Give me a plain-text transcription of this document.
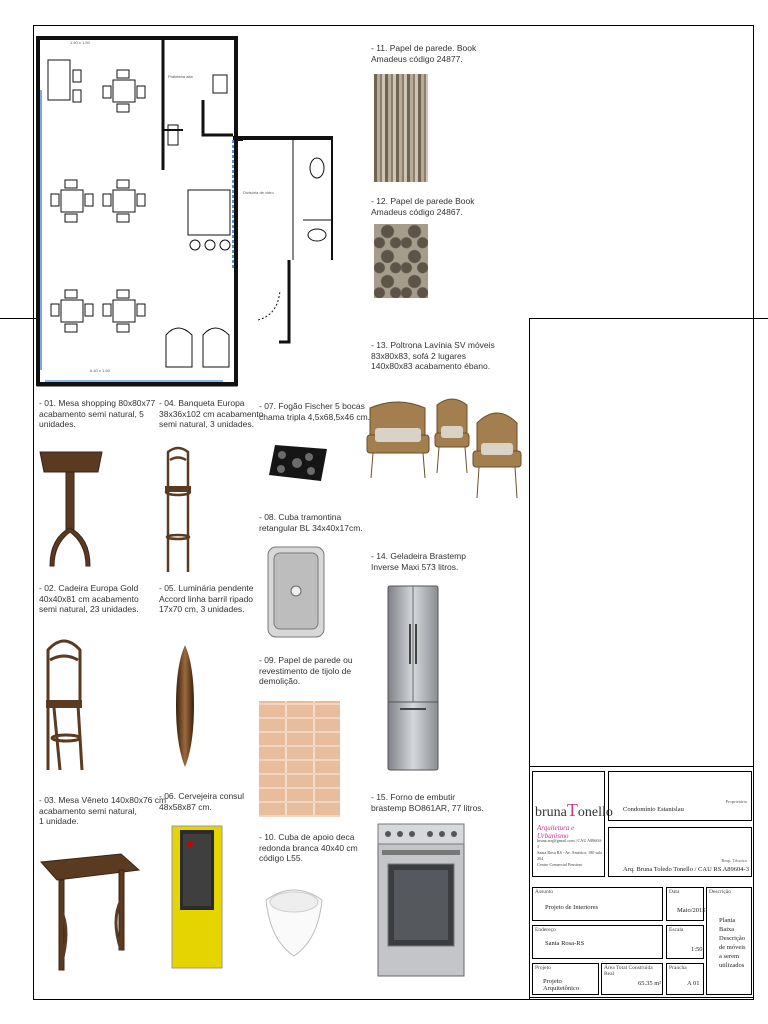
1.40 x 1.50
6.40 x 1.50
Prateleira alta
Divisória de vidro
- 01. Mesa shopping 80x80x77
acabamento semi natural, 5
unidades.
- 02. Cadeira Europa Gold
40x40x81 cm acabamento
semi natural, 23 unidades.
- 03. Mesa Vêneto 140x80x76 cm
acabamento semi natural,
1 unidade.
- 04. Banqueta Europa
38x36x102 cm acabamento
semi natural, 3 unidades.
- 05. Luminária pendente
Accord linha barril ripado
17x70 cm, 3 unidades.
- 06. Cervejeira consul
48x58x87 cm.
- 07. Fogão Fischer 5 bocas
chama tripla 4,5x68,5x46 cm.
- 08. Cuba tramontina
retangular BL 34x40x17cm.
- 09. Papel de parede ou
revestimento de tijolo de
demolição.
- 10. Cuba de apoio deca
redonda branca 40x40 cm
código L55.
- 11. Papel de parede. Book
Amadeus código 24877.
- 12. Papel de parede Book
Amadeus código 24867.
- 13. Poltrona Lavínia SV móveis
83x80x83, sofá 2 lugares
140x80x83 acabamento ébano.
- 14. Geladeira Brastemp
Inverse Maxi 573 litros.
- 15. Forno de embutir
brastemp BO861AR, 77 litros.	brunaTonello
Arquitetura e Urbanismo
bruna.arq@gmail.com | CAU A89604-3
Santa Rosa RS - Av. América, 180 sala 204
Centro Comercial Pensiero
Proprietário
Condomínio Estanislau
Resp. Técnico
Arq. Bruna Toledo Tonello / CAU RS A89604-3
Assunto
Projeto de Interiores
Data
Maio/2015
Descrição
Planta
Baixa
Descrição
de móveis
a serem
utilizados
Endereço
Santa Rosa-RS
Escala
1:50
Projeto
Projeto Arquitetônico
Área Total Construída Real
65.35 m²
Prancha
A 01
